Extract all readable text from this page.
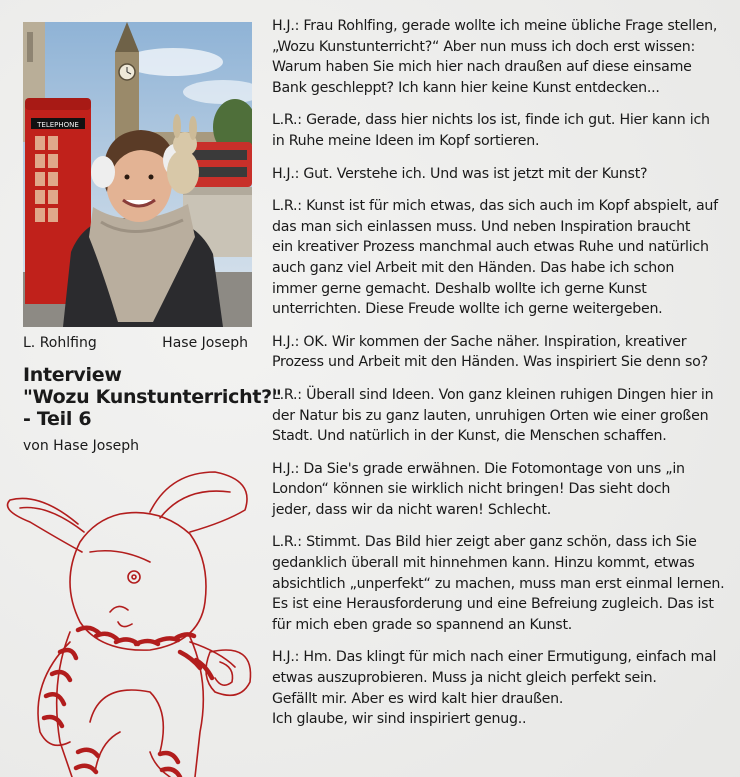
TELEPHONE
L. Rohlfing	Hase Joseph
Interview
"Wozu Kunstunterricht?"
- Teil 6
von Hase Joseph

H.J.: Frau Rohlfing, gerade wollte ich meine übliche Frage stellen,
„Wozu Kunstunterricht?“ Aber nun muss ich doch erst wissen:
Warum haben Sie mich hier nach draußen auf diese einsame
Bank geschleppt? Ich kann hier keine Kunst entdecken...

L.R.: Gerade, dass hier nichts los ist, finde ich gut. Hier kann ich
in Ruhe meine Ideen im Kopf sortieren.

H.J.: Gut. Verstehe ich. Und was ist jetzt mit der Kunst?

L.R.: Kunst ist für mich etwas, das sich auch im Kopf abspielt, auf
das man sich einlassen muss. Und neben Inspiration braucht
ein kreativer Prozess manchmal auch etwas Ruhe und natürlich
auch ganz viel Arbeit mit den Händen. Das habe ich schon
immer gerne gemacht. Deshalb wollte ich gerne Kunst
unterrichten. Diese Freude wollte ich gerne weitergeben.

H.J.: OK. Wir kommen der Sache näher. Inspiration, kreativer
Prozess und Arbeit mit den Händen. Was inspiriert Sie denn so?

L.R.: Überall sind Ideen. Von ganz kleinen ruhigen Dingen hier in
der Natur bis zu ganz lauten, unruhigen Orten wie einer großen
Stadt. Und natürlich in der Kunst, die Menschen schaffen.

H.J.: Da Sie's grade erwähnen. Die Fotomontage von uns „in
London“ können sie wirklich nicht bringen! Das sieht doch
jeder, dass wir da nicht waren! Schlecht.

L.R.: Stimmt. Das Bild hier zeigt aber ganz schön, dass ich Sie
gedanklich überall mit hinnehmen kann. Hinzu kommt, etwas
absichtlich „unperfekt“ zu machen, muss man erst einmal lernen.
Es ist eine Herausforderung und eine Befreiung zugleich. Das ist
für mich eben grade so spannend an Kunst.

H.J.: Hm. Das klingt für mich nach einer Ermutigung, einfach mal
etwas auszuprobieren. Muss ja nicht gleich perfekt sein.
Gefällt mir. Aber es wird kalt hier draußen.
Ich glaube, wir sind inspiriert genug..
